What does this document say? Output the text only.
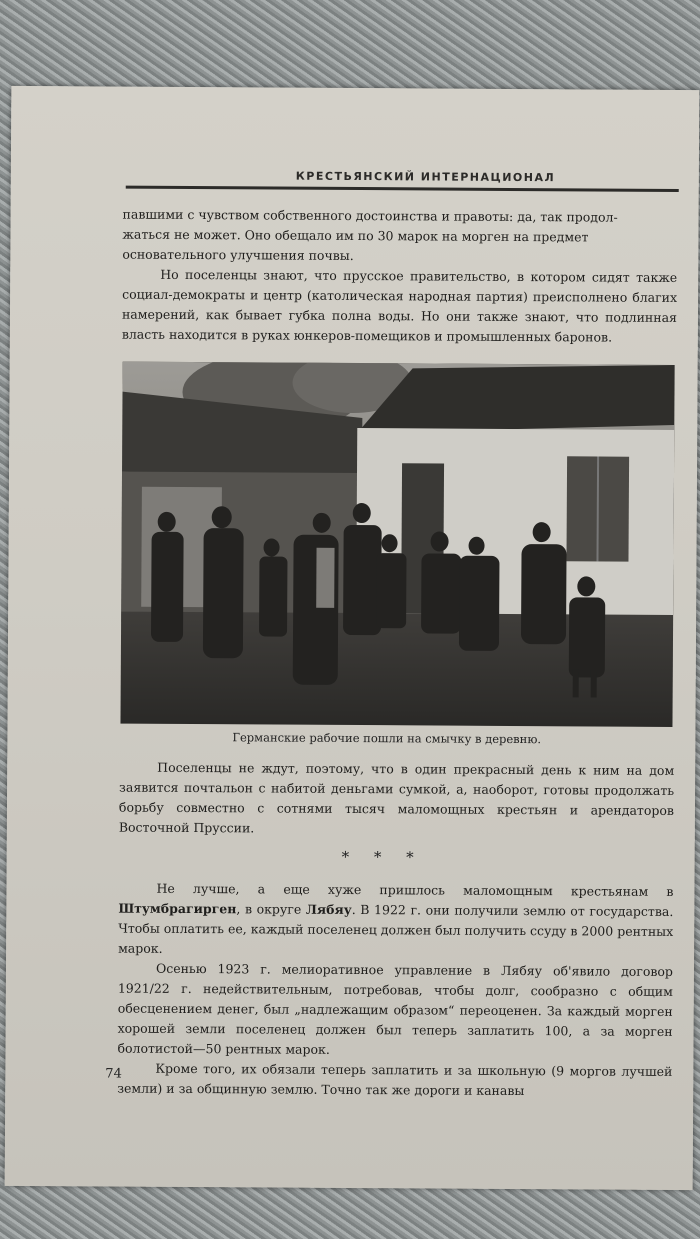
КРЕСТЬЯНСКИЙ ИНТЕРНАЦИОНАЛ

павшими с чувством собственного достоинства и правоты: да, так продол-

жаться не может. Оно обещало им по 30 марок на морген на предмет

основательного улучшения почвы.

Но поселенцы знают, что прусское правительство, в котором сидят также социал-демократы и центр (католическая народная партия) преисполнено благих намерений, как бывает губка полна воды. Но они также знают, что подлинная власть находится в руках юнкеров-помещиков и промышленных баронов.

Германские рабочие пошли на смычку в деревню.

Поселенцы не ждут, поэтому, что в один прекрасный день к ним на дом заявится почтальон с набитой деньгами сумкой, а, наоборот, готовы продолжать борьбу совместно с сотнями тысяч маломощных крестьян и арендаторов Восточной Пруссии.

* * *

Не лучше, а еще хуже пришлось маломощным крестьянам в Штумбрагирген, в округе Лябяу. В 1922 г. они получили землю от государства. Чтобы оплатить ее, каждый поселенец должен был получить ссуду в 2000 рентных марок.

Осенью 1923 г. мелиоративное управление в Лябяу об'явило договор 1921/22 г. недействительным, потребовав, чтобы долг, сообразно с общим обесценением денег, был „надлежащим образом“ переоценен. За каждый морген хорошей земли поселенец должен был теперь заплатить 100, а за морген болотистой—50 рентных марок.

Кроме того, их обязали теперь заплатить и за школьную (9 моргов лучшей земли) и за общинную землю. Точно так же дороги и канавы

74
